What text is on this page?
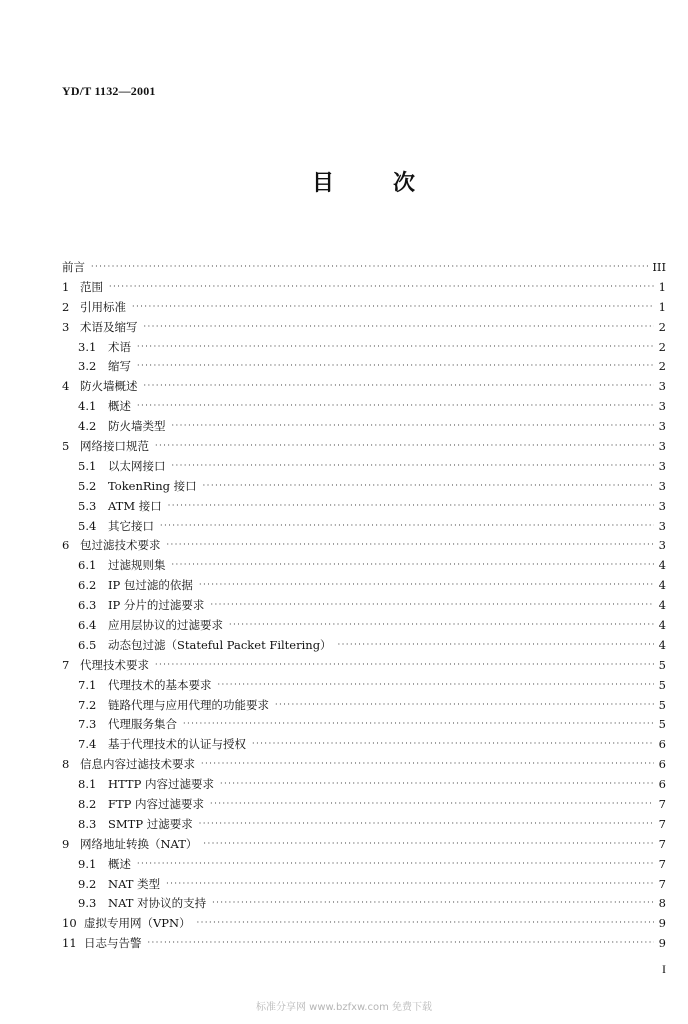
YD/T 1132—2001
目	次
前言 ·····	III
1 范围 ·····	1
2 引用标准 ·····	1
3 术语及缩写 ·····	2
3.1	术语 ·····	2
3.2	缩写 ·····	2
4 防火墙概述 ·····	3
4.1	概述 ·····	3
4.2	防火墙类型 ·····	3
5 网络接口规范 ·····	3
5.1	以太网接口 ·····	3
5.2	TokenRing 接口 ·····	3
5.3	ATM 接口 ·····	3
5.4	其它接口 ·····	3
6 包过滤技术要求 ·····	3
6.1	过滤规则集 ·····	4
6.2	IP 包过滤的依据 ·····	4
6.3	IP 分片的过滤要求 ·····	4
6.4	应用层协议的过滤要求 ·····	4
6.5	动态包过滤（Stateful Packet Filtering） ·····	4
7 代理技术要求 ·····	5
7.1	代理技术的基本要求 ·····	5
7.2	链路代理与应用代理的功能要求 ·····	5
7.3	代理服务集合 ·····	5
7.4	基于代理技术的认证与授权 ·····	6
8 信息内容过滤技术要求 ·····	6
8.1	HTTP 内容过滤要求 ·····	6
8.2	FTP 内容过滤要求 ·····	7
8.3	SMTP 过滤要求 ·····	7
9 网络地址转换（NAT） ·····	7
9.1	概述 ·····	7
9.2	NAT 类型 ·····	7
9.3	NAT 对协议的支持 ·····	8
10 虚拟专用网（VPN） ·····	9
11 日志与告警 ·····	9
I
标准分享网 www.bzfxw.com 免费下载
